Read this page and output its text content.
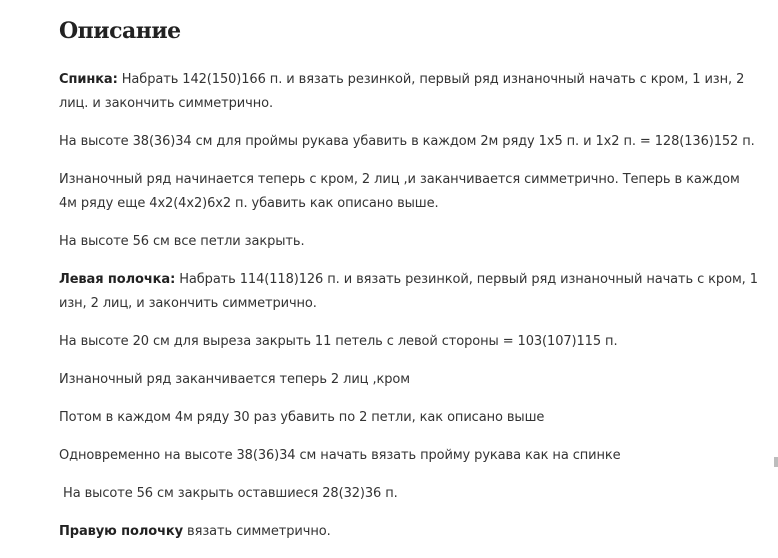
Описание

Спинка: Набрать 142(150)166 п. и вязать резинкой, первый ряд изнаночный начать с кром, 1 изн, 2 лиц. и закончить симметрично.

На высоте 38(36)34 см для проймы рукава убавить в каждом 2м ряду 1x5 п. и 1x2 п. = 128(136)152 п.

Изнаночный ряд начинается теперь с кром, 2 лиц ,и заканчивается симметрично. Теперь в каждом 4м ряду еще 4x2(4x2)6x2 п. убавить как описано выше.

На высоте 56 см все петли закрыть.

Левая полочка: Набрать 114(118)126 п. и вязать резинкой, первый ряд изнаночный начать с кром, 1 изн, 2 лиц, и закончить симметрично.

На высоте 20 см для выреза закрыть 11 петель с левой стороны = 103(107)115 п.

Изнаночный ряд заканчивается теперь 2 лиц ,кром

Потом в каждом 4м ряду 30 раз убавить по 2 петли, как описано выше

Одновременно на высоте 38(36)34 см начать вязать пройму рукава как на спинке

На высоте 56 см закрыть оставшиеся 28(32)36 п.

Правую полочку вязать симметрично.
